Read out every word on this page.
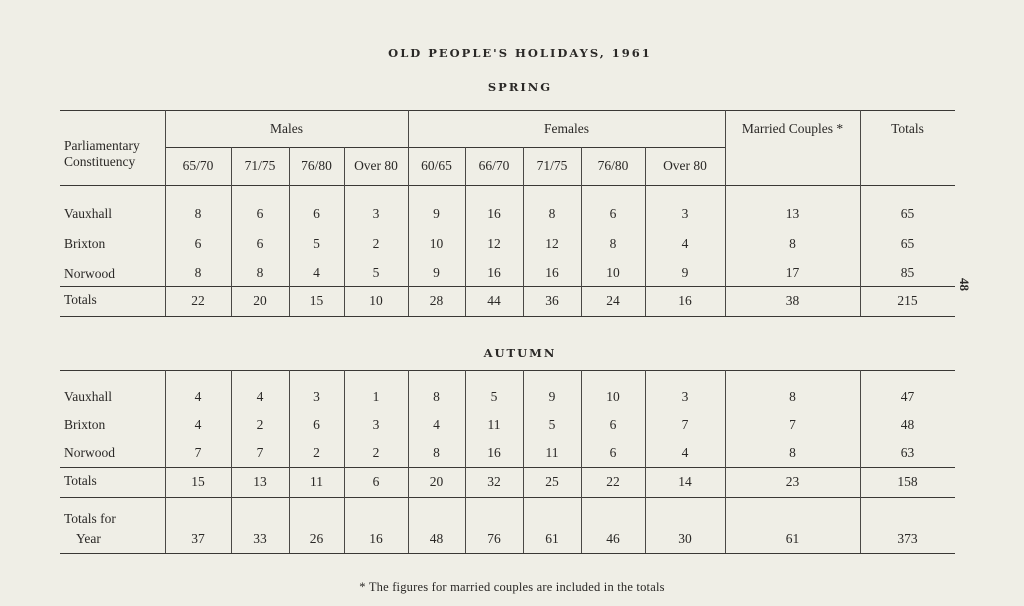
OLD PEOPLE'S HOLIDAYS, 1961
SPRING
AUTUMN
48
* The figures for married couples are included in the totals
Parliamentary
Constituency
Males	Females	Married Couples *	Totals
65/70	71/75	76/80	Over 80	60/65	66/70	71/75	76/80	Over 80
Vauxhall	8	6	6	3	9	16	8	6	3	13	65
Brixton	6	6	5	2	10	12	12	8	4	8	65
Norwood	8	8	4	5	9	16	16	10	9	17	85
Totals	22	20	15	10	28	44	36	24	16	38	215
Vauxhall	4	4	3	1	8	5	9	10	3	8	47
Brixton	4	2	6	3	4	11	5	6	7	7	48
Norwood	7	7	2	2	8	16	11	6	4	8	63
Totals	15	13	11	6	20	32	25	22	14	23	158
Totals for
Year	37	33	26	16	48	76	61	46	30	61	373
